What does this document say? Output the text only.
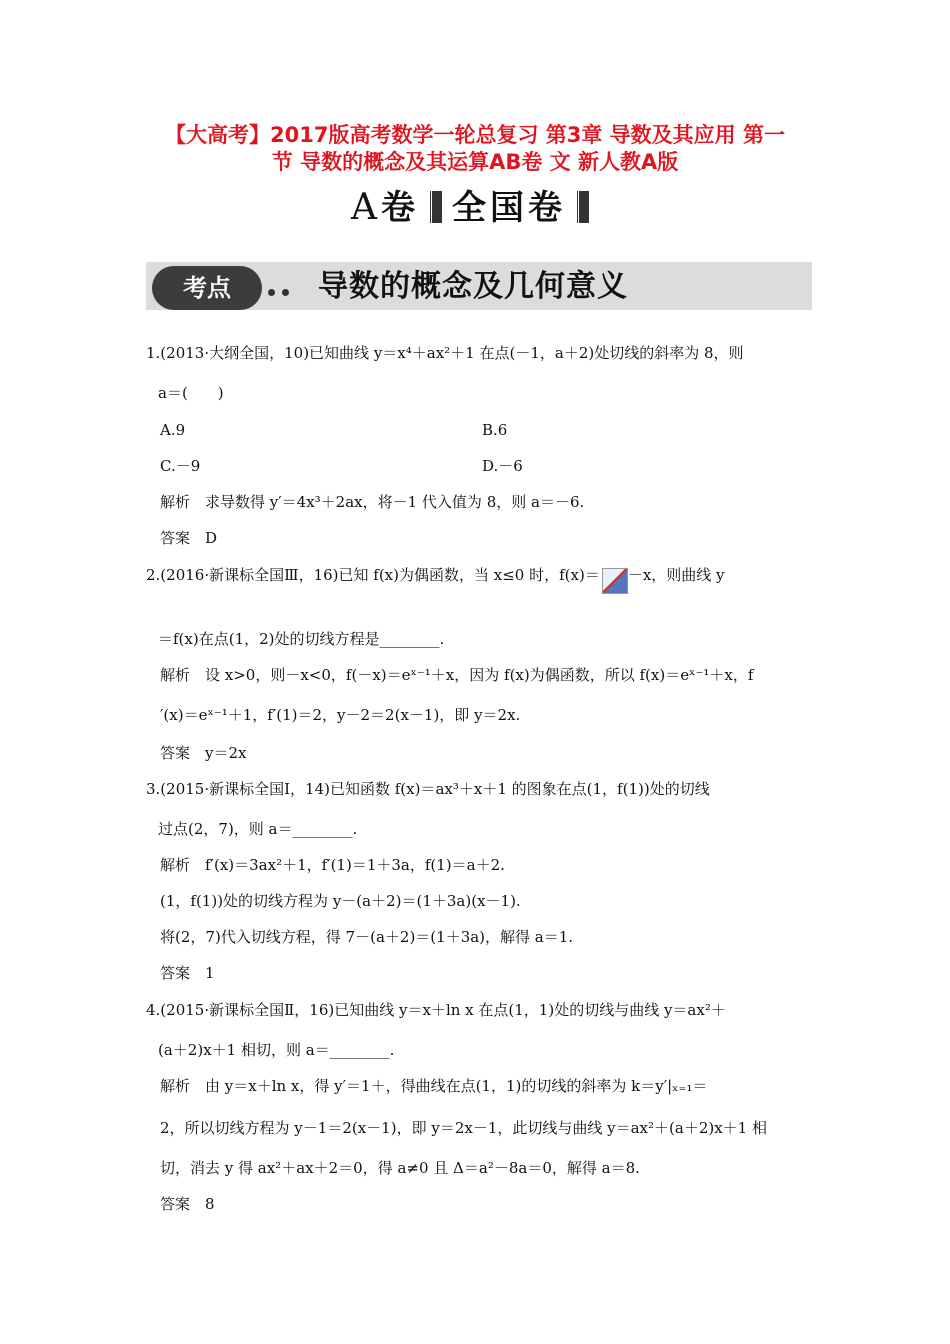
【大高考】2017版高考数学一轮总复习 第3章 导数及其应用 第一
节 导数的概念及其运算AB卷 文 新人教A版
A卷 全国卷
考点	导数的概念及几何意义
2.(2016·新课标全国Ⅲ，16)已知 f(x)为偶函数，当 x≤0 时，f(x)＝ －x，则曲线 y
1.(2013·大纲全国，10)已知曲线 y＝x⁴＋ax²＋1 在点(－1，a＋2)处切线的斜率为 8，则
a＝(　　)
A.9	B.6
C.－9	D.－6
解析　求导数得 y′＝4x³＋2ax，将－1 代入值为 8，则 a＝－6.
答案　D
＝f(x)在点(1，2)处的切线方程是________.
解析　设 x>0，则－x<0，f(－x)＝eˣ⁻¹＋x，因为 f(x)为偶函数，所以 f(x)＝eˣ⁻¹＋x，f
′(x)＝eˣ⁻¹＋1，f′(1)＝2，y－2＝2(x－1)，即 y＝2x.
答案　y＝2x
3.(2015·新课标全国Ⅰ，14)已知函数 f(x)＝ax³＋x＋1 的图象在点(1，f(1))处的切线
过点(2，7)，则 a＝________.
解析　f′(x)＝3ax²＋1，f′(1)＝1＋3a，f(1)＝a＋2.
(1，f(1))处的切线方程为 y－(a＋2)＝(1＋3a)(x－1).
将(2，7)代入切线方程，得 7－(a＋2)＝(1＋3a)，解得 a＝1.
答案　1
4.(2015·新课标全国Ⅱ，16)已知曲线 y＝x＋ln x 在点(1，1)处的切线与曲线 y＝ax²＋
(a＋2)x＋1 相切，则 a＝________.
解析　由 y＝x＋ln x，得 y′＝1＋，得曲线在点(1，1)的切线的斜率为 k＝y′|ₓ₌₁＝
2，所以切线方程为 y－1＝2(x－1)，即 y＝2x－1，此切线与曲线 y＝ax²＋(a＋2)x＋1 相
切，消去 y 得 ax²＋ax＋2＝0，得 a≠0 且 Δ＝a²－8a＝0，解得 a＝8.
答案　8
